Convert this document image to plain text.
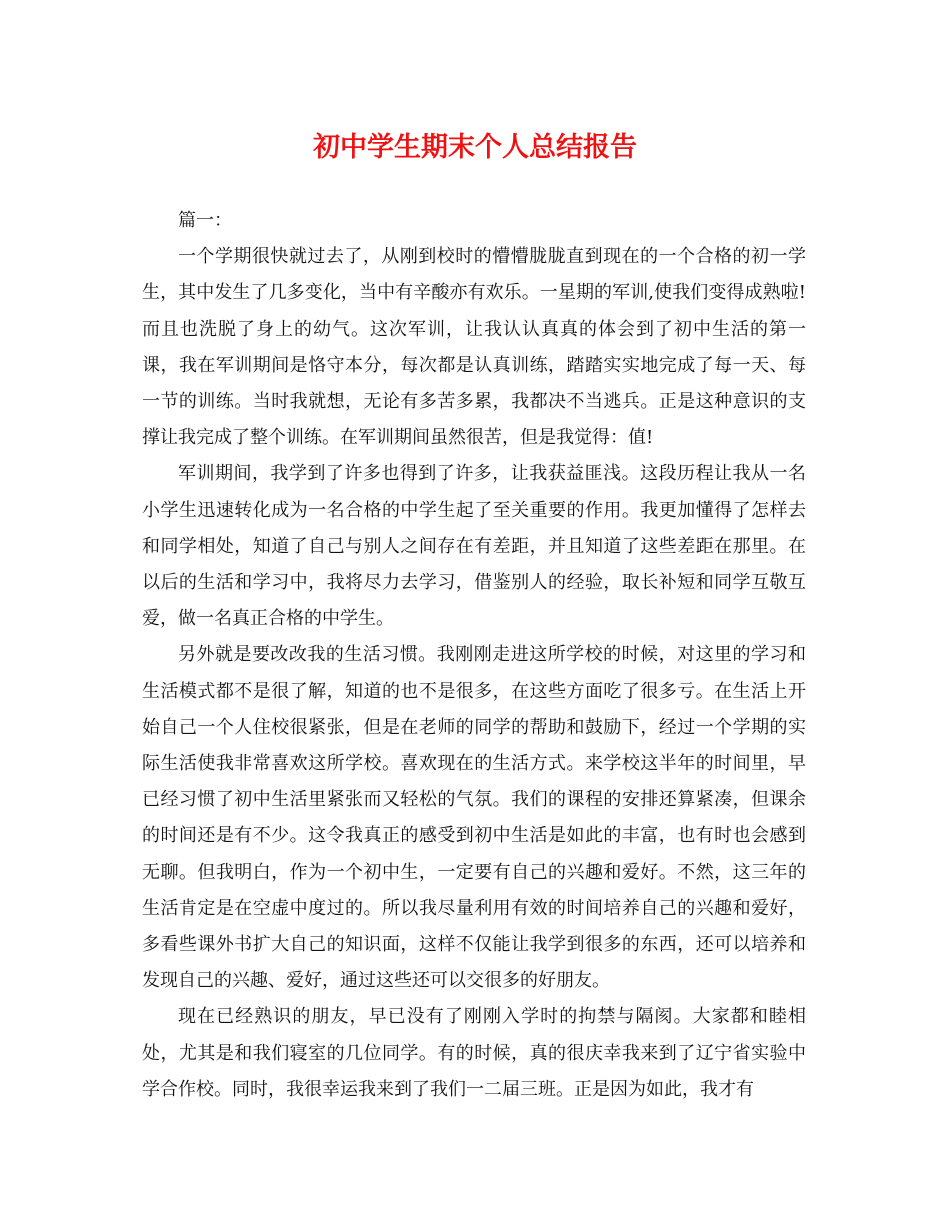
初中学生期末个人总结报告

篇一：

一个学期很快就过去了，从刚到校时的懵懵胧胧直到现在的一个合格的初一学生，其中发生了几多变化，当中有辛酸亦有欢乐。一星期的军训,使我们变得成熟啦!而且也洗脱了身上的幼气。这次军训，让我认认真真的体会到了初中生活的第一课，我在军训期间是恪守本分，每次都是认真训练，踏踏实实地完成了每一天、每一节的训练。当时我就想，无论有多苦多累，我都决不当逃兵。正是这种意识的支撑让我完成了整个训练。在军训期间虽然很苦，但是我觉得：值!

军训期间，我学到了许多也得到了许多，让我获益匪浅。这段历程让我从一名小学生迅速转化成为一名合格的中学生起了至关重要的作用。我更加懂得了怎样去和同学相处，知道了自己与别人之间存在有差距，并且知道了这些差距在那里。在以后的生活和学习中，我将尽力去学习，借鉴别人的经验，取长补短和同学互敬互爱，做一名真正合格的中学生。

另外就是要改改我的生活习惯。我刚刚走进这所学校的时候，对这里的学习和生活模式都不是很了解，知道的也不是很多，在这些方面吃了很多亏。在生活上开始自己一个人住校很紧张，但是在老师的同学的帮助和鼓励下，经过一个学期的实际生活使我非常喜欢这所学校。喜欢现在的生活方式。来学校这半年的时间里，早已经习惯了初中生活里紧张而又轻松的气氛。我们的课程的安排还算紧凑，但课余的时间还是有不少。这令我真正的感受到初中生活是如此的丰富，也有时也会感到无聊。但我明白，作为一个初中生，一定要有自己的兴趣和爱好。不然，这三年的生活肯定是在空虚中度过的。所以我尽量利用有效的时间培养自己的兴趣和爱好，多看些课外书扩大自己的知识面，这样不仅能让我学到很多的东西，还可以培养和发现自己的兴趣、爱好，通过这些还可以交很多的好朋友。

现在已经熟识的朋友，早已没有了刚刚入学时的拘禁与隔阂。大家都和睦相处，尤其是和我们寝室的几位同学。有的时候，真的很庆幸我来到了辽宁省实验中学合作校。同时，我很幸运我来到了我们一二届三班。正是因为如此，我才有
